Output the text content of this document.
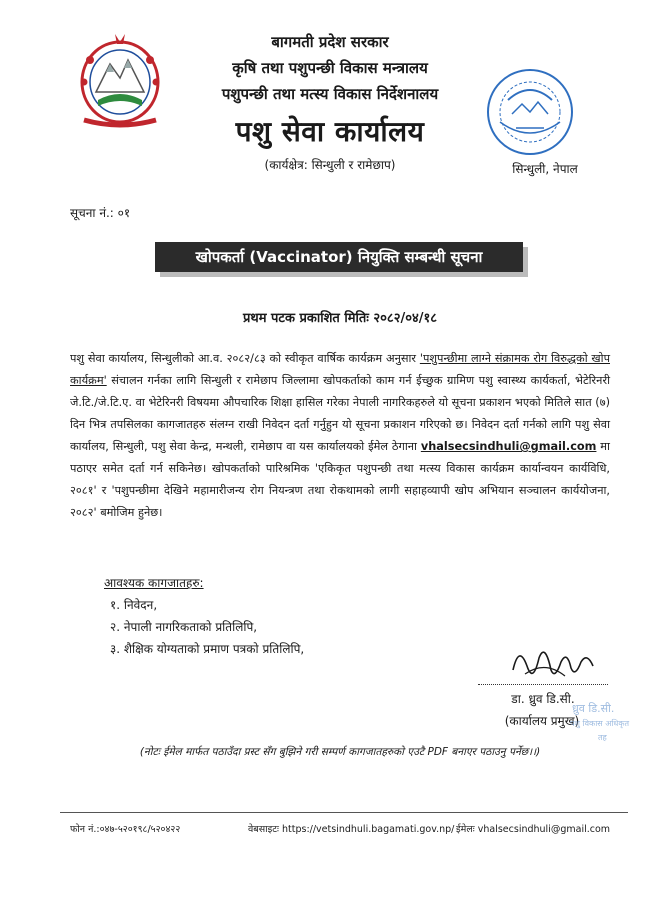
बागमती प्रदेश सरकार
कृषि तथा पशुपन्छी विकास मन्त्रालय
पशुपन्छी तथा मत्स्य विकास निर्देशनालय
पशु सेवा कार्यालय
(कार्यक्षेत्र: सिन्धुली र रामेछाप)	सिन्धुली, नेपाल
सूचना नं.: ०१
खोपकर्ता (Vaccinator) नियुक्ति सम्बन्धी सूचना
प्रथम पटक प्रकाशित मितिः २०८२/०४/१८
पशु सेवा कार्यालय, सिन्धुलीको आ.व. २०८२/८३ को स्वीकृत वार्षिक कार्यक्रम अनुसार 'पशुपन्छीमा लाग्ने संक्रामक रोग विरुद्धको खोप कार्यक्रम' संचालन गर्नका लागि सिन्धुली र रामेछाप जिल्लामा खोपकर्ताको काम गर्न ईच्छुक ग्रामिण पशु स्वास्थ्य कार्यकर्ता, भेटेरिनरी जे.टि./जे.टि.ए. वा भेटेरिनरी विषयमा औपचारिक शिक्षा हासिल गरेका नेपाली नागरिकहरुले यो सूचना प्रकाशन भएको मितिले सात (७) दिन भित्र तपसिलका कागजातहरु संलग्न राखी निवेदन दर्ता गर्नुहुन यो सूचना प्रकाशन गरिएको छ। निवेदन दर्ता गर्नको लागि पशु सेवा कार्यालय, सिन्धुली, पशु सेवा केन्द्र, मन्थली, रामेछाप वा यस कार्यालयको ईमेल ठेगाना vhalsecsindhuli@gmail.com मा पठाएर समेत दर्ता गर्न सकिनेछ। खोपकर्ताको पारिश्रमिक 'एकिकृत पशुपन्छी तथा मत्स्य विकास कार्यक्रम कार्यान्वयन कार्यविधि, २०८१' र 'पशुपन्छीमा देखिने महामारीजन्य रोग नियन्त्रण तथा रोकथामको लागी सहाहव्यापी खोप अभियान सञ्चालन कार्ययोजना, २०८२' बमोजिम हुनेछ।
आवश्यक कागजातहरु:
१. निवेदन,
२. नेपाली नागरिकताको प्रतिलिपि,
३. शैक्षिक योग्यताको प्रमाण पत्रको प्रतिलिपि,
डा. ध्रुव डि.सी.
(कार्यालय प्रमुख)
ध्रुव डि.सी.
पशु विकास अधिकृत
तह
(नोटः ईमेल मार्फत पठाउँदा प्रस्ट सँग बुझिने गरी सम्पर्ण कागजातहरुको एउटै PDF बनाएर पठाउनु पर्नेछ।।)
फोन नं.:०४७-५२०१९८/५२०४२२	वेबसाइटः https://vetsindhuli.bagamati.gov.np/ ईमेलः vhalsecsindhuli@gmail.com
